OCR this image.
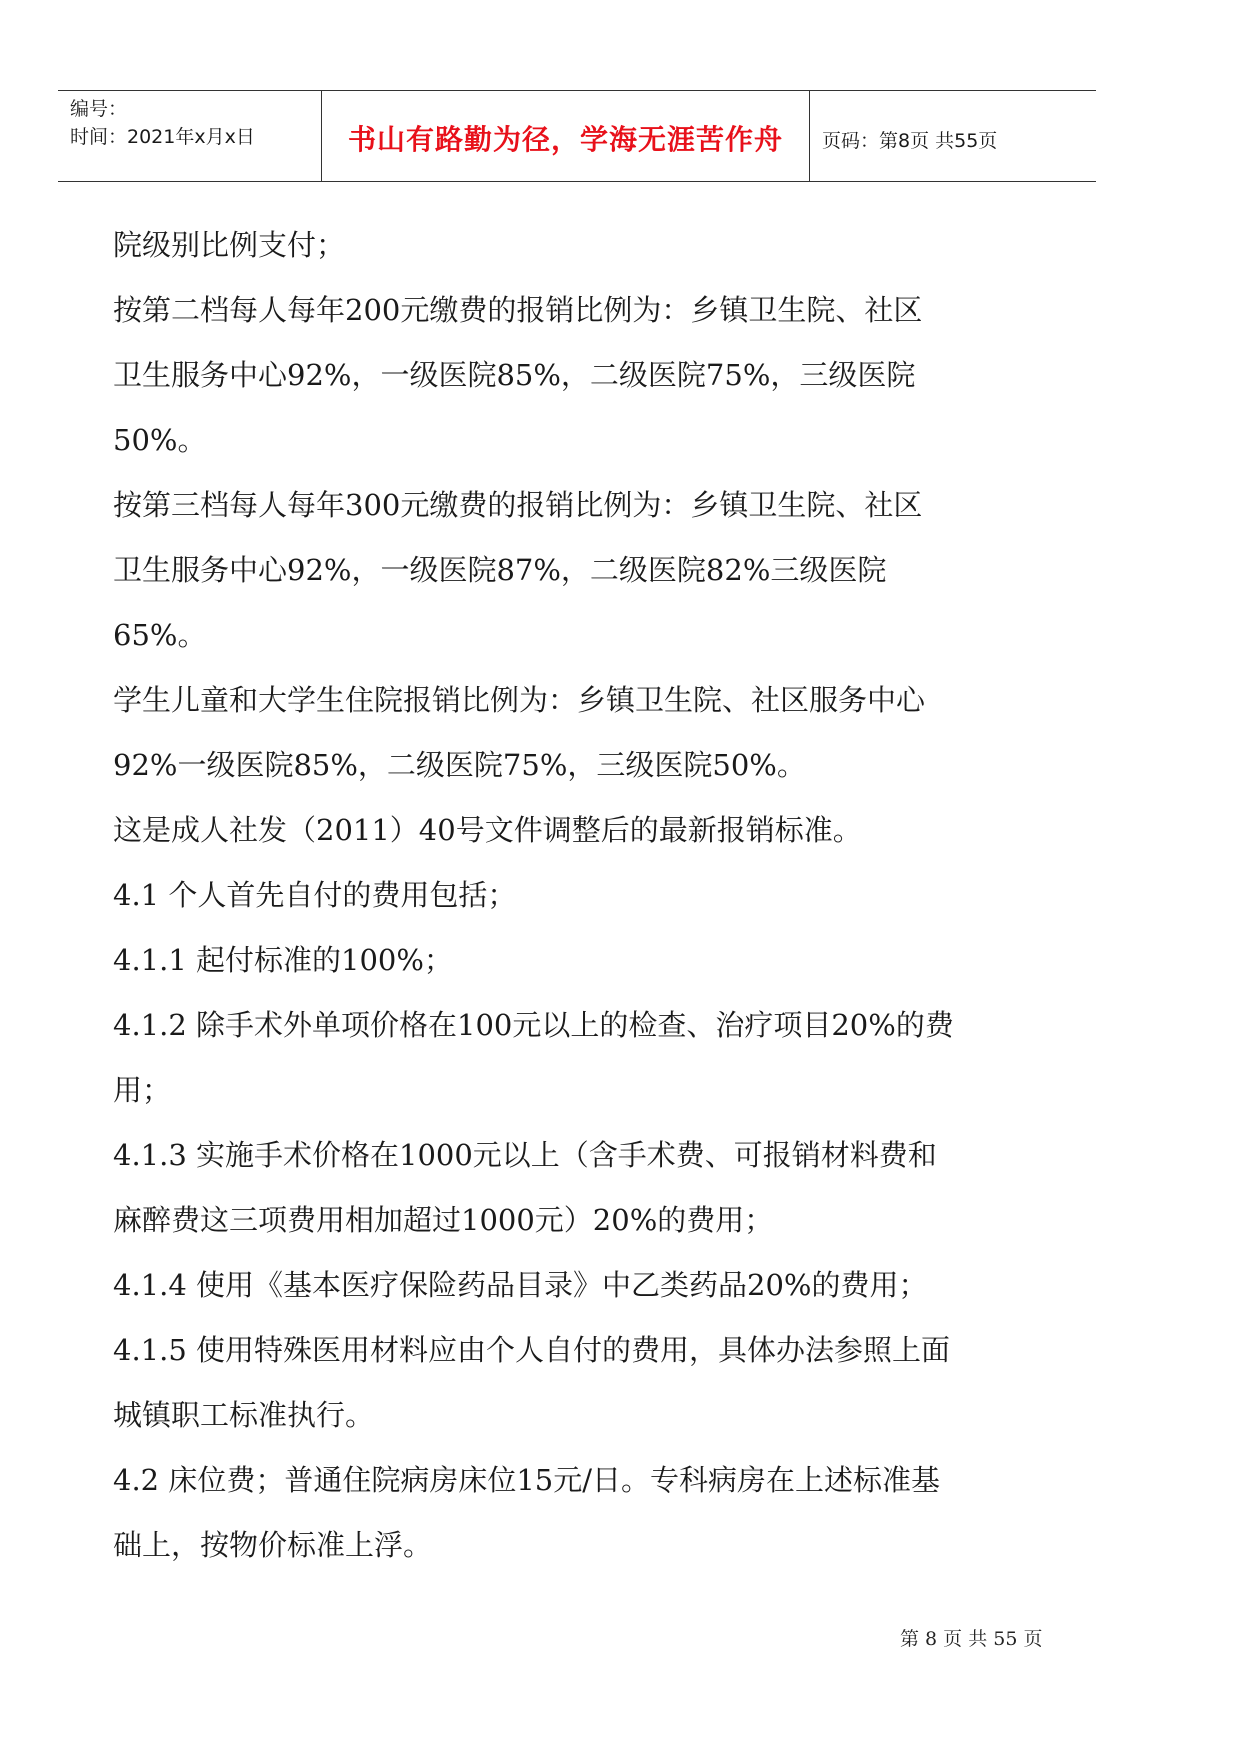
编号：
时间：2021年x月x日	书山有路勤为径，学海无涯苦作舟 页码：第8页 共55页

院级别比例支付；

按第二档每人每年200元缴费的报销比例为：乡镇卫生院、社区

卫生服务中心92%，一级医院85%，二级医院75%，三级医院

50%。

按第三档每人每年300元缴费的报销比例为：乡镇卫生院、社区

卫生服务中心92%，一级医院87%，二级医院82%三级医院

65%。

学生儿童和大学生住院报销比例为：乡镇卫生院、社区服务中心

92%一级医院85%，二级医院75%，三级医院50%。

这是成人社发（2011）40号文件调整后的最新报销标准。

4.1 个人首先自付的费用包括；

4.1.1 起付标准的100%；

4.1.2 除手术外单项价格在100元以上的检查、治疗项目20%的费

用；

4.1.3 实施手术价格在1000元以上（含手术费、可报销材料费和

麻醉费这三项费用相加超过1000元）20%的费用；

4.1.4 使用《基本医疗保险药品目录》中乙类药品20%的费用；

4.1.5 使用特殊医用材料应由个人自付的费用，具体办法参照上面

城镇职工标准执行。

4.2 床位费；普通住院病房床位15元/日。专科病房在上述标准基

础上，按物价标准上浮。

第 8 页 共 55 页
